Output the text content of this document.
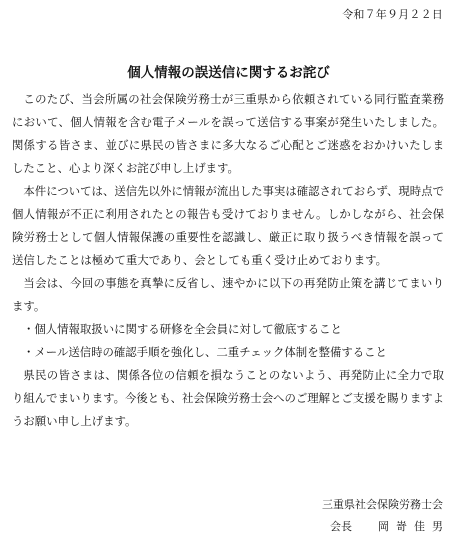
令和７年９月２２日
個人情報の誤送信に関するお詫び

このたび、当会所属の社会保険労務士が三重県から依頼されている同行監査業務において、個人情報を含む電子メールを誤って送信する事案が発生いたしました。関係する皆さま、並びに県民の皆さまに多大なるご心配とご迷惑をおかけいたしましたこと、心より深くお詫び申し上げます。

本件については、送信先以外に情報が流出した事実は確認されておらず、現時点で個人情報が不正に利用されたとの報告も受けておりません。しかしながら、社会保険労務士として個人情報保護の重要性を認識し、厳正に取り扱うべき情報を誤って送信したことは極めて重大であり、会としても重く受け止めております。

当会は、今回の事態を真摯に反省し、速やかに以下の再発防止策を講じてまいります。

・個人情報取扱いに関する研修を全会員に対して徹底すること

・メール送信時の確認手順を強化し、二重チェック体制を整備すること

県民の皆さまは、関係各位の信頼を損なうことのないよう、再発防止に全力で取り組んでまいります。今後とも、社会保険労務士会へのご理解とご支援を賜りますようお願い申し上げます。

三重県社会保険労務士会
会長 岡嵜佳男
